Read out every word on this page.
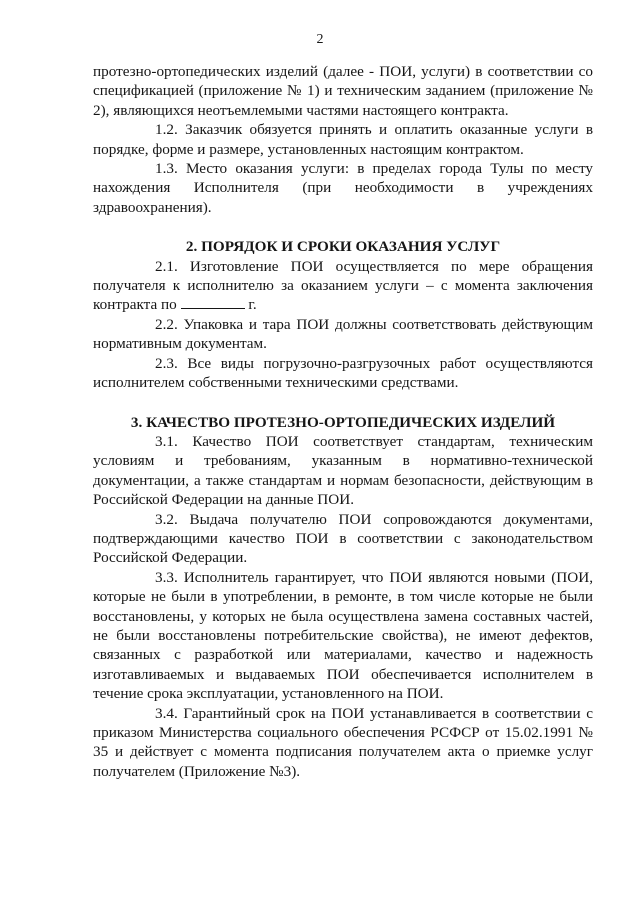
2

протезно-ортопедических изделий (далее - ПОИ, услуги) в соответствии со спецификацией (приложение № 1) и техническим заданием (приложение № 2), являющихся неотъемлемыми частями настоящего контракта.

1.2. Заказчик обязуется принять и оплатить оказанные услуги в порядке, форме и размере, установленных настоящим контрактом.

1.3. Место оказания услуги: в пределах города Тулы по месту нахождения Исполнителя (при необходимости в учреждениях здравоохранения).

2. ПОРЯДОК И СРОКИ ОКАЗАНИЯ УСЛУГ

2.1. Изготовление ПОИ осуществляется по мере обращения получателя к исполнителю за оказанием услуги – с момента заключения контракта по	г.

2.2. Упаковка и тара ПОИ должны соответствовать действующим нормативным документам.

2.3. Все виды погрузочно-разгрузочных работ осуществляются исполнителем собственными техническими средствами.

3. КАЧЕСТВО ПРОТЕЗНО-ОРТОПЕДИЧЕСКИХ ИЗДЕЛИЙ

3.1. Качество ПОИ соответствует стандартам, техническим условиям и требованиям, указанным в нормативно-технической документации, а также стандартам и нормам безопасности, действующим в Российской Федерации на данные ПОИ.

3.2. Выдача получателю ПОИ сопровождаются документами, подтверждающими качество ПОИ в соответствии с законодательством Российской Федерации.

3.3. Исполнитель гарантирует, что ПОИ являются новыми (ПОИ, которые не были в употреблении, в ремонте, в том числе которые не были восстановлены, у которых не была осуществлена замена составных частей, не были восстановлены потребительские свойства), не имеют дефектов, связанных с разработкой или материалами, качество и надежность изготавливаемых и выдаваемых ПОИ обеспечивается исполнителем в течение срока эксплуатации, установленного на ПОИ.

3.4. Гарантийный срок на ПОИ устанавливается в соответствии с приказом Министерства социального обеспечения РСФСР от 15.02.1991 № 35 и действует с момента подписания получателем акта о приемке услуг получателем (Приложение №3).
